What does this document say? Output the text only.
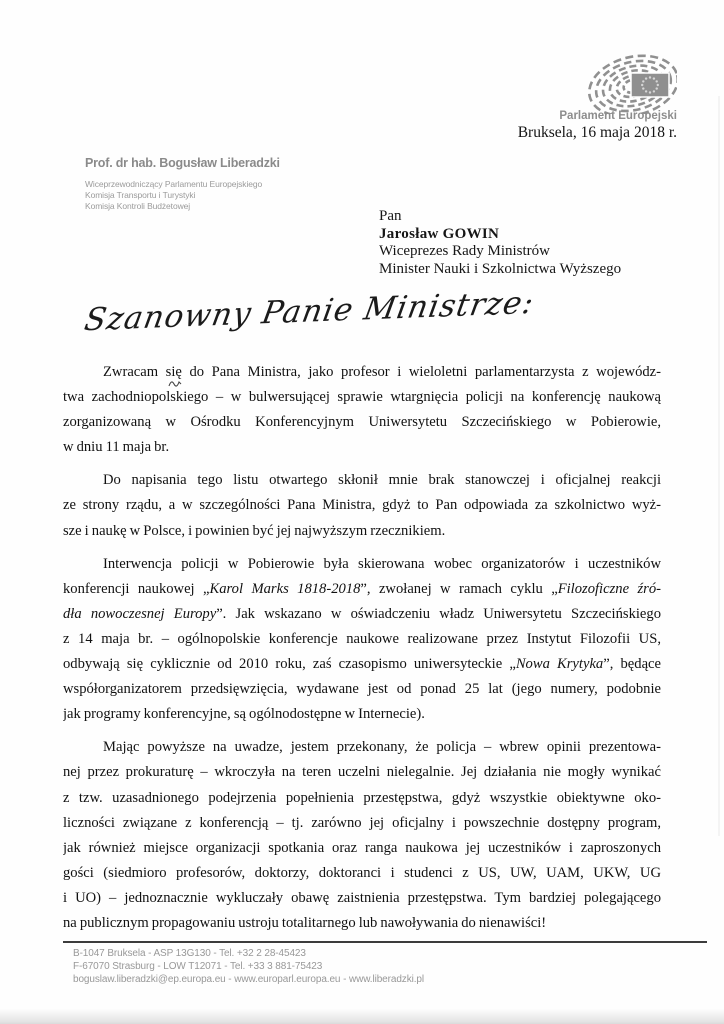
Parlament Europejski
Bruksela, 16 maja 2018 r.
Prof. dr hab. Bogusław Liberadzki
Wiceprzewodniczący Parlamentu Europejskiego
Komisja Transportu i Turystyki
Komisja Kontroli Budżetowej
Pan
Jarosław GOWIN
Wiceprezes Rady Ministrów
Minister Nauki i Szkolnictwa Wyższego
Szanowny Panie Ministrze:
Zwracam się do Pana Ministra, jako profesor i wieloletni parlamentarzysta z wojewódz-
twa zachodniopolskiego – w bulwersującej sprawie wtargnięcia policji na konferencję naukową
zorganizowaną w Ośrodku Konferencyjnym Uniwersytetu Szczecińskiego w Pobierowie,
w dniu 11 maja br.
Do napisania tego listu otwartego skłonił mnie brak stanowczej i oficjalnej reakcji
ze strony rządu, a w szczególności Pana Ministra, gdyż to Pan odpowiada za szkolnictwo wyż-
sze i naukę w Polsce, i powinien być jej najwyższym rzecznikiem.
Interwencja policji w Pobierowie była skierowana wobec organizatorów i uczestników
konferencji naukowej „Karol Marks 1818-2018”, zwołanej w ramach cyklu „Filozoficzne źró-
dła nowoczesnej Europy”. Jak wskazano w oświadczeniu władz Uniwersytetu Szczecińskiego
z 14 maja br. – ogólnopolskie konferencje naukowe realizowane przez Instytut Filozofii US,
odbywają się cyklicznie od 2010 roku, zaś czasopismo uniwersyteckie „Nowa Krytyka”, będące
współorganizatorem przedsięwzięcia, wydawane jest od ponad 25 lat (jego numery, podobnie
jak programy konferencyjne, są ogólnodostępne w Internecie).
Mając powyższe na uwadze, jestem przekonany, że policja – wbrew opinii prezentowa-
nej przez prokuraturę – wkroczyła na teren uczelni nielegalnie. Jej działania nie mogły wynikać
z tzw. uzasadnionego podejrzenia popełnienia przestępstwa, gdyż wszystkie obiektywne oko-
liczności związane z konferencją – tj. zarówno jej oficjalny i powszechnie dostępny program,
jak również miejsce organizacji spotkania oraz ranga naukowa jej uczestników i zaproszonych
gości (siedmioro profesorów, doktorzy, doktoranci i studenci z US, UW, UAM, UKW, UG
i UO) – jednoznacznie wykluczały obawę zaistnienia przestępstwa. Tym bardziej polegającego
na publicznym propagowaniu ustroju totalitarnego lub nawoływania do nienawiści!
B-1047 Bruksela - ASP 13G130 - Tel. +32 2 28-45423
F-67070 Strasburg - LOW T12071 - Tel. +33 3 881-75423
boguslaw.liberadzki@ep.europa.eu - www.europarl.europa.eu - www.liberadzki.pl
